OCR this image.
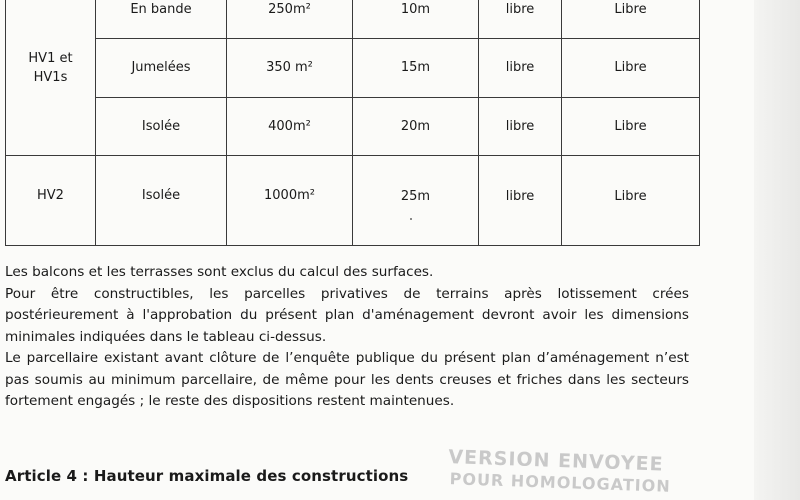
HV1 et
HV1s	En bande	250m²	10m	libre	Libre
	Jumelées	350 m²	15m	libre	Libre
	Isolée	400m²	20m	libre	Libre
HV2	Isolée	1000m²	25m	libre	Libre

Les balcons et les terrasses sont exclus du calcul des surfaces.

Pour être constructibles, les parcelles privatives de terrains après lotissement crées postérieurement à l'approbation du présent plan d'aménagement devront avoir les dimensions minimales indiquées dans le tableau ci-dessus.

Le parcellaire existant avant clôture de l’enquête publique du présent plan d’aménagement n’est pas soumis au minimum parcellaire, de même pour les dents creuses et friches dans les secteurs fortement engagés ; le reste des dispositions restent maintenues.

Article 4 : Hauteur maximale des constructions
VERSION ENVOYEE
POUR HOMOLOGATION
